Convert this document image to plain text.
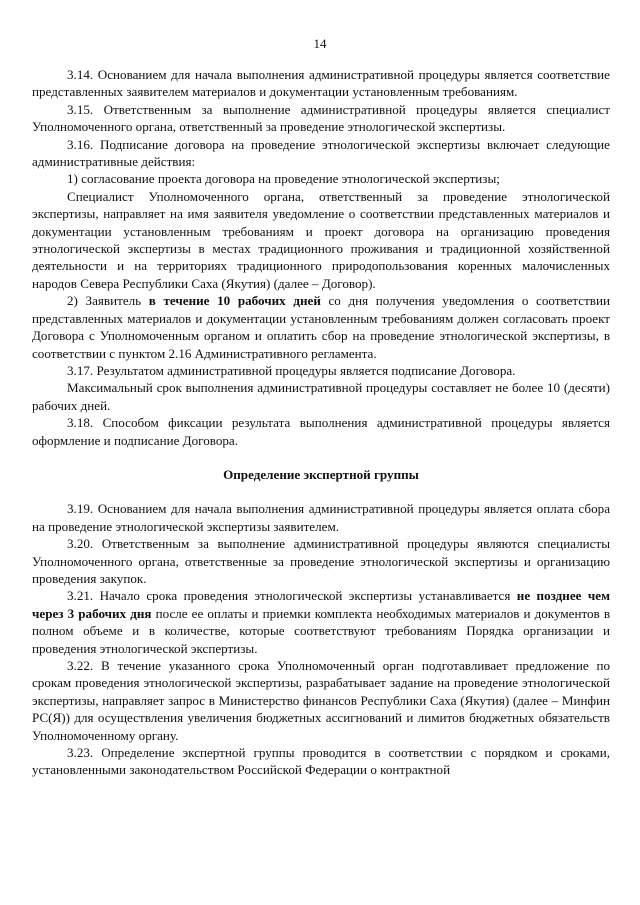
14

3.14. Основанием для начала выполнения административной процедуры является соответствие представленных заявителем материалов и документации установленным требованиям.

3.15. Ответственным за выполнение административной процедуры является специалист Уполномоченного органа, ответственный за проведение этнологической экспертизы.

3.16. Подписание договора на проведение этнологической экспертизы включает следующие административные действия:

1) согласование проекта договора на проведение этнологической экспертизы;

Специалист Уполномоченного органа, ответственный за проведение этнологической экспертизы, направляет на имя заявителя уведомление о соответствии представленных материалов и документации установленным требованиям и проект договора на организацию проведения этнологической экспертизы в местах традиционного проживания и традиционной хозяйственной деятельности и на территориях традиционного природопользования коренных малочисленных народов Севера Республики Саха (Якутия) (далее – Договор).

2) Заявитель в течение 10 рабочих дней со дня получения уведомления о соответствии представленных материалов и документации установленным требованиям должен согласовать проект Договора с Уполномоченным органом и оплатить сбор на проведение этнологической экспертизы, в соответствии с пунктом 2.16 Административного регламента.

3.17. Результатом административной процедуры является подписание Договора.

Максимальный срок выполнения административной процедуры составляет не более 10 (десяти) рабочих дней.

3.18. Способом фиксации результата выполнения административной процедуры является оформление и подписание Договора.

Определение экспертной группы

3.19. Основанием для начала выполнения административной процедуры является оплата сбора на проведение этнологической экспертизы заявителем.

3.20. Ответственным за выполнение административной процедуры являются специалисты Уполномоченного органа, ответственные за проведение этнологической экспертизы и организацию проведения закупок.

3.21. Начало срока проведения этнологической экспертизы устанавливается не позднее чем через 3 рабочих дня после ее оплаты и приемки комплекта необходимых материалов и документов в полном объеме и в количестве, которые соответствуют требованиям Порядка организации и проведения этнологической экспертизы.

3.22. В течение указанного срока Уполномоченный орган подготавливает предложение по срокам проведения этнологической экспертизы, разрабатывает задание на проведение этнологической экспертизы, направляет запрос в Министерство финансов Республики Саха (Якутия) (далее – Минфин РС(Я)) для осуществления увеличения бюджетных ассигнований и лимитов бюджетных обязательств Уполномоченному органу.

3.23. Определение экспертной группы проводится в соответствии с порядком и сроками, установленными законодательством Российской Федерации о контрактной
